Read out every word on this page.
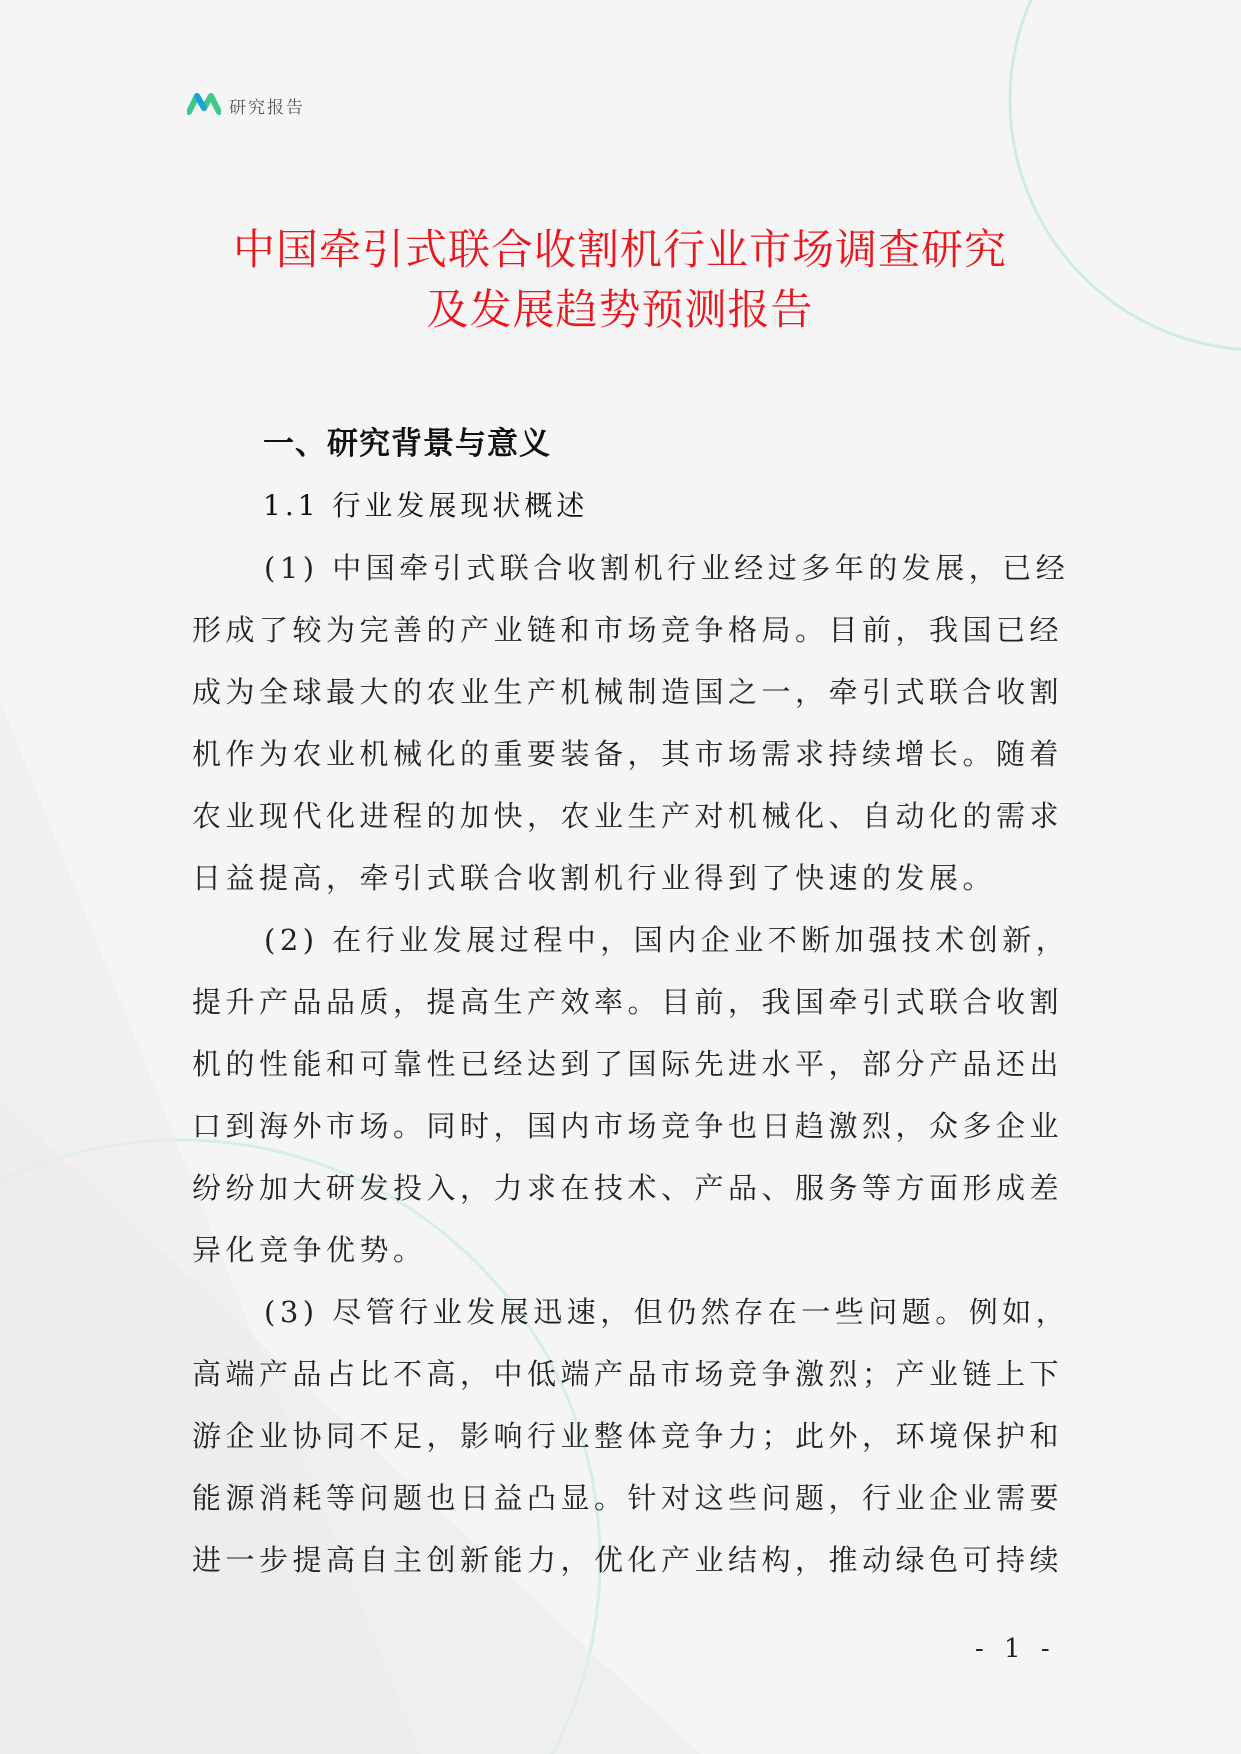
研究报告
中国牵引式联合收割机行业市场调查研究
及发展趋势预测报告
一、研究背景与意义
1.1 行业发展现状概述
(1) 中国牵引式联合收割机行业经过多年的发展，已经
形成了较为完善的产业链和市场竞争格局。目前，我国已经
成为全球最大的农业生产机械制造国之一，牵引式联合收割
机作为农业机械化的重要装备，其市场需求持续增长。随着
农业现代化进程的加快，农业生产对机械化、自动化的需求
日益提高，牵引式联合收割机行业得到了快速的发展。
(2) 在行业发展过程中，国内企业不断加强技术创新，
提升产品品质，提高生产效率。目前，我国牵引式联合收割
机的性能和可靠性已经达到了国际先进水平，部分产品还出
口到海外市场。同时，国内市场竞争也日趋激烈，众多企业
纷纷加大研发投入，力求在技术、产品、服务等方面形成差
异化竞争优势。
(3) 尽管行业发展迅速，但仍然存在一些问题。例如，
高端产品占比不高，中低端产品市场竞争激烈；产业链上下
游企业协同不足，影响行业整体竞争力；此外，环境保护和
能源消耗等问题也日益凸显。针对这些问题，行业企业需要
进一步提高自主创新能力，优化产业结构，推动绿色可持续
- 1 -
